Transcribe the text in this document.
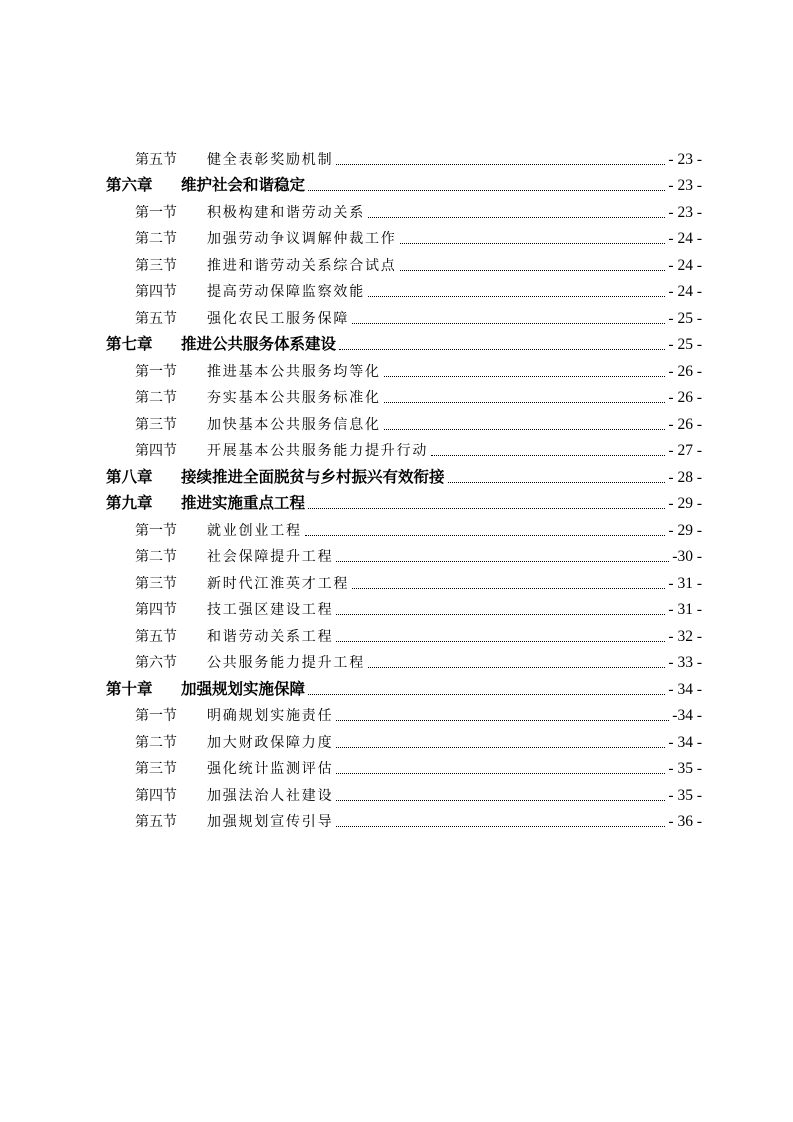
第五节	健全表彰奖励机制	- 23 -
第六章	维护社会和谐稳定	- 23 -
第一节	积极构建和谐劳动关系	- 23 -
第二节	加强劳动争议调解仲裁工作	- 24 -
第三节	推进和谐劳动关系综合试点	- 24 -
第四节	提高劳动保障监察效能	- 24 -
第五节	强化农民工服务保障	- 25 -
第七章	推进公共服务体系建设	- 25 -
第一节	推进基本公共服务均等化	- 26 -
第二节	夯实基本公共服务标准化	- 26 -
第三节	加快基本公共服务信息化	- 26 -
第四节	开展基本公共服务能力提升行动	- 27 -
第八章	接续推进全面脱贫与乡村振兴有效衔接	- 28 -
第九章	推进实施重点工程	- 29 -
第一节	就业创业工程	- 29 -
第二节	社会保障提升工程	-30 -
第三节	新时代江淮英才工程	- 31 -
第四节	技工强区建设工程	- 31 -
第五节	和谐劳动关系工程	- 32 -
第六节	公共服务能力提升工程	- 33 -
第十章	加强规划实施保障	- 34 -
第一节	明确规划实施责任	-34 -
第二节	加大财政保障力度	- 34 -
第三节	强化统计监测评估	- 35 -
第四节	加强法治人社建设	- 35 -
第五节	加强规划宣传引导	- 36 -
